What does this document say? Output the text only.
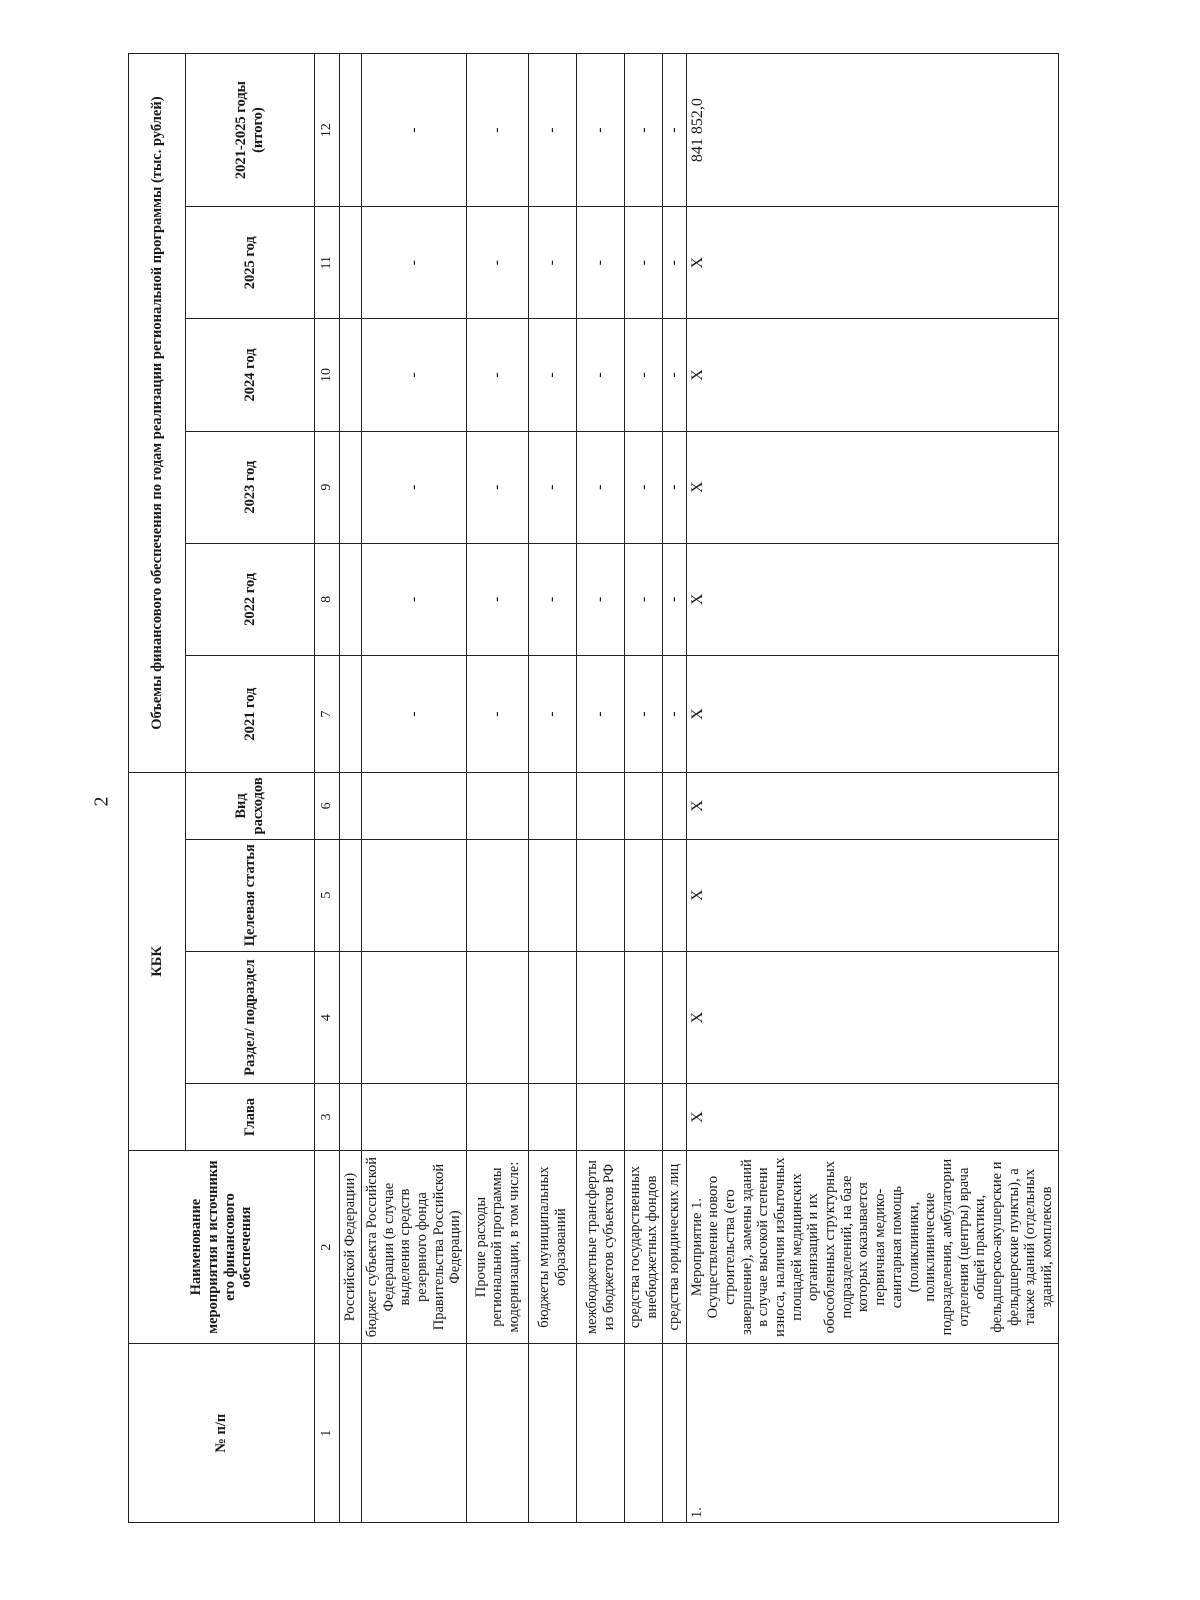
2
№ п/п	Наименование мероприятия и источники его финансового обеспечения	КБК				Объемы финансового обеспечения по годам реализации региональной программы (тыс. рублей)					
		Глава	Раздел/ подраздел	Целевая статья	Вид расходов	2021 год	2022 год	2023 год	2024 год	2025 год	2021-2025 годы (итого)
1	2	3	4	5	6	7	8	9	10	11	12
	Российской Федерации)										
	бюджет субъекта Российской Федерации (в случае выделения средств резервного фонда Правительства Российской Федерации)					-	-	-	-	-	-
	Прочие расходы региональной программы модернизации, в том числе:					-	-	-	-	-	-
	бюджеты муниципальных образований					-	-	-	-	-	-
	межбюджетные трансферты из бюджетов субъектов РФ					-	-	-	-	-	-
	средства государственных внебюджетных фондов					-	-	-	-	-	-
	средства юридических лиц					-	-	-	-	-	-
1.	Мероприятие 1. Осуществление нового строительства (его завершение), замены зданий в случае высокой степени износа, наличия избыточных площадей медицинских организаций и их обособленных структурных подразделений, на базе которых оказывается первичная медико-санитарная помощь (поликлиники, поликлинические подразделения, амбулатории отделения (центры) врача общей практики, фельдшерско-акушерские и фельдшерские пункты), а также зданий (отдельных зданий, комплексов	Х	Х	Х	Х	Х	Х	Х	Х	Х	841 852,0
